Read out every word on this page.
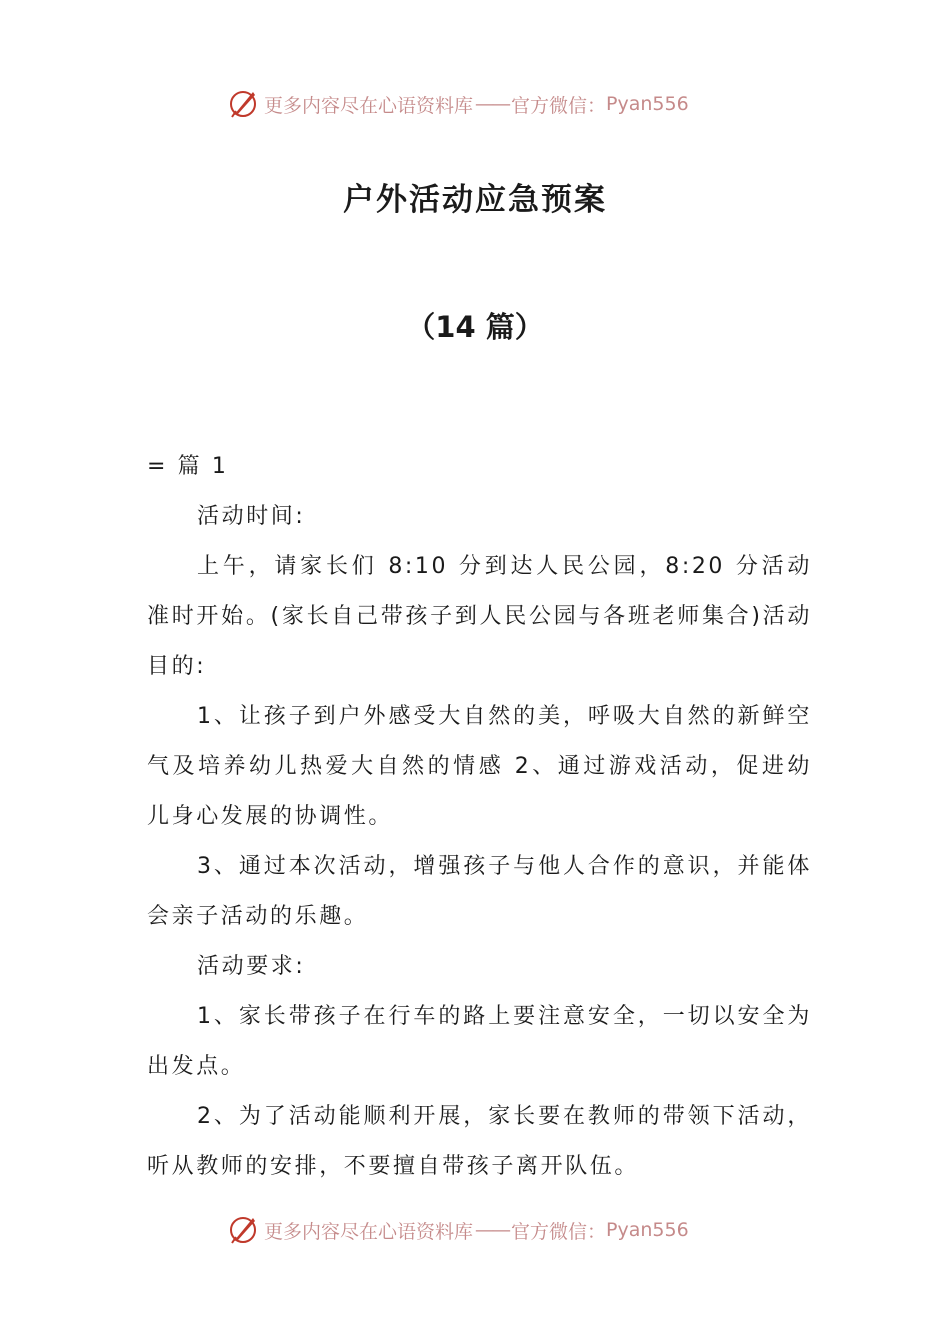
更多内容尽在心语资料库 —— 官方微信： Pyan556
户外活动应急预案
（14 篇）

= 篇 1

活动时间:

上午，请家长们 8:10 分到达人民公园，8:20 分活动准时开始。(家长自己带孩子到人民公园与各班老师集合)活动目的:

1、让孩子到户外感受大自然的美，呼吸大自然的新鲜空气及培养幼儿热爱大自然的情感 2、通过游戏活动，促进幼儿身心发展的协调性。

3、通过本次活动，增强孩子与他人合作的意识，并能体会亲子活动的乐趣。

活动要求:

1、家长带孩子在行车的路上要注意安全，一切以安全为出发点。

2、为了活动能顺利开展，家长要在教师的带领下活动，听从教师的安排，不要擅自带孩子离开队伍。

更多内容尽在心语资料库 —— 官方微信： Pyan556
